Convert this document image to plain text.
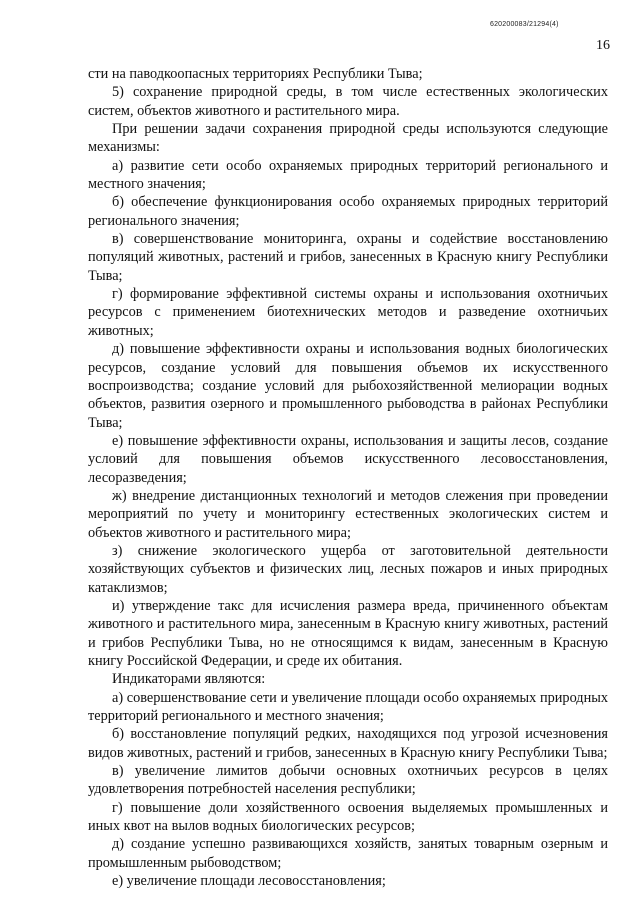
620200083/21294(4)
16

сти на паводкоопасных территориях Республики Тыва;

5) сохранение природной среды, в том числе естественных экологических систем, объектов животного и растительного мира.

При решении задачи сохранения природной среды используются следующие механизмы:

а) развитие сети особо охраняемых природных территорий регионального и местного значения;

б) обеспечение функционирования особо охраняемых природных территорий регионального значения;

в) совершенствование мониторинга, охраны и содействие восстановлению популяций животных, растений и грибов, занесенных в Красную книгу Республики Тыва;

г) формирование эффективной системы охраны и использования охотничьих ресурсов с применением биотехнических методов и разведение охотничьих животных;

д) повышение эффективности охраны и использования водных биологических ресурсов, создание условий для повышения объемов их искусственного воспроизводства; создание условий для рыбохозяйственной мелиорации водных объектов, развития озерного и промышленного рыбоводства в районах Республики Тыва;

е) повышение эффективности охраны, использования и защиты лесов, создание условий для повышения объемов искусственного лесовосстановления, лесоразведения;

ж) внедрение дистанционных технологий и методов слежения при проведении мероприятий по учету и мониторингу естественных экологических систем и объектов животного и растительного мира;

з) снижение экологического ущерба от заготовительной деятельности хозяйствующих субъектов и физических лиц, лесных пожаров и иных природных катаклизмов;

и) утверждение такс для исчисления размера вреда, причиненного объектам животного и растительного мира, занесенным в Красную книгу животных, растений и грибов Республики Тыва, но не относящимся к видам, занесенным в Красную книгу Российской Федерации, и среде их обитания.

Индикаторами являются:

а) совершенствование сети и увеличение площади особо охраняемых природных территорий регионального и местного значения;

б) восстановление популяций редких, находящихся под угрозой исчезновения видов животных, растений и грибов, занесенных в Красную книгу Республики Тыва;

в) увеличение лимитов добычи основных охотничьих ресурсов в целях удовлетворения потребностей населения республики;

г) повышение доли хозяйственного освоения выделяемых промышленных и иных квот на вылов водных биологических ресурсов;

д) создание успешно развивающихся хозяйств, занятых товарным озерным и промышленным рыбоводством;

е) увеличение площади лесовосстановления;
